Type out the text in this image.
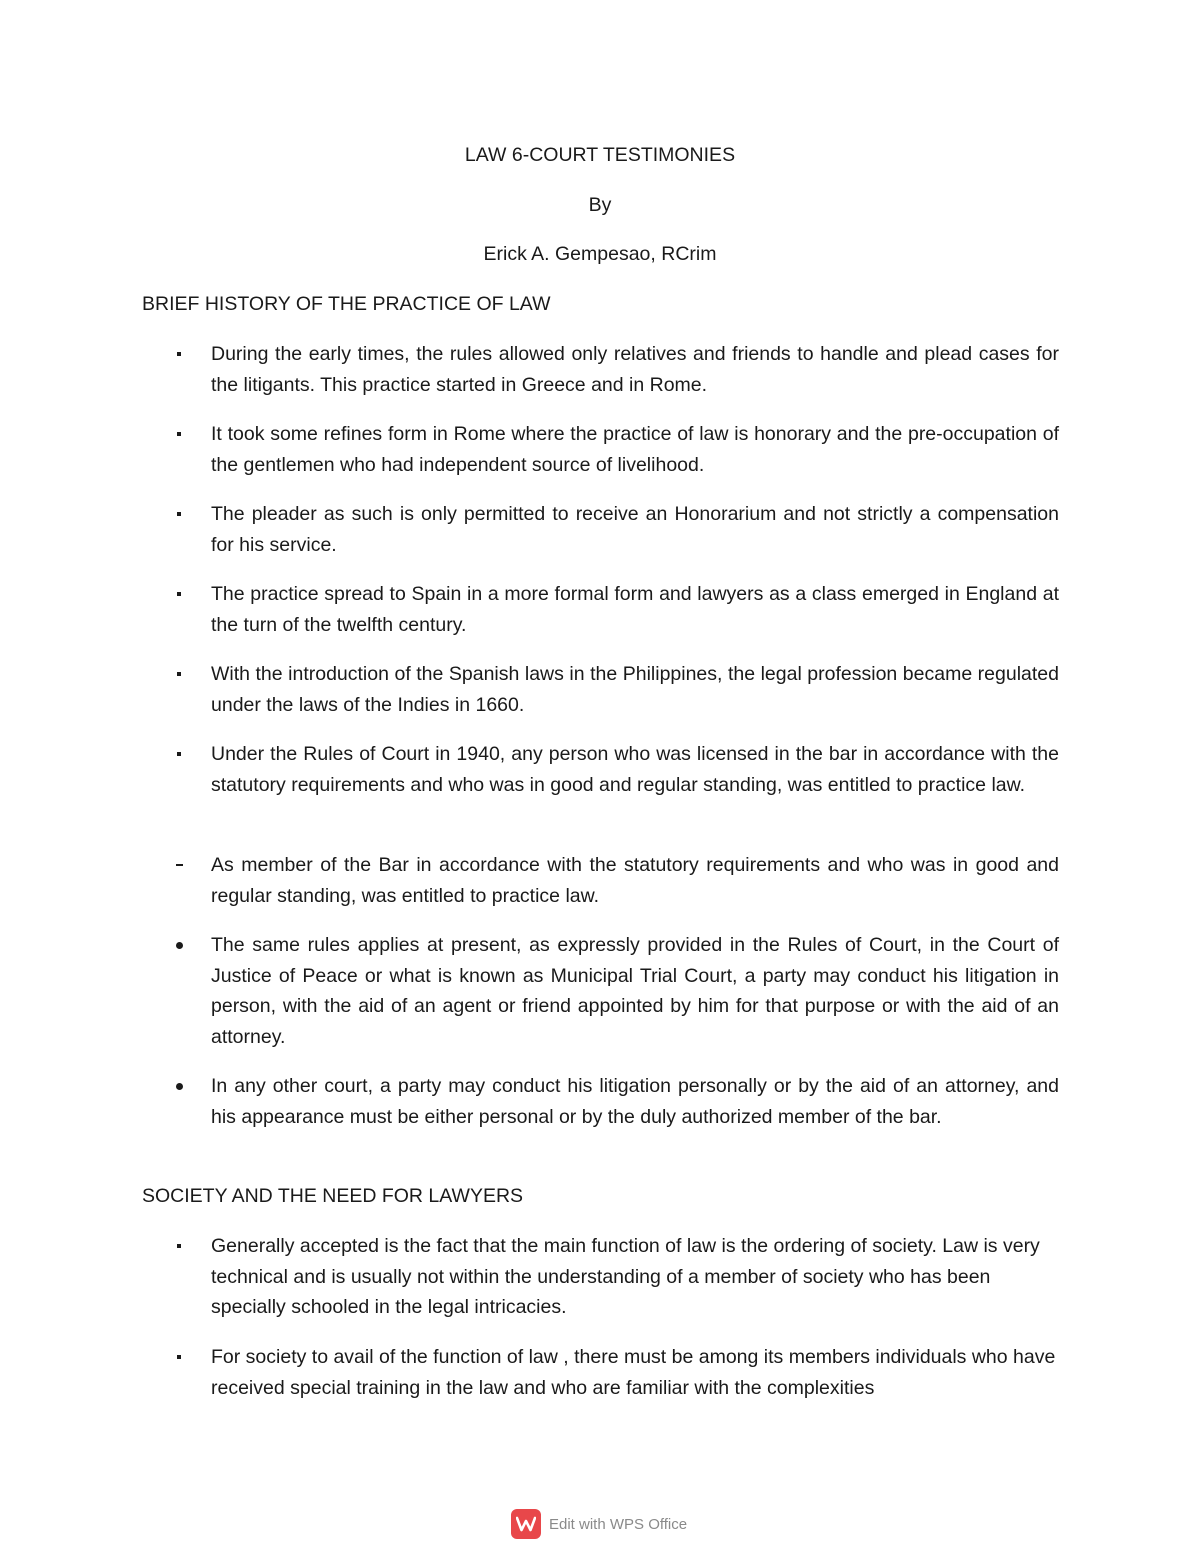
LAW 6-COURT TESTIMONIES

By

Erick A. Gempesao, RCrim

BRIEF HISTORY OF THE PRACTICE OF LAW

During the early times, the rules allowed only relatives and friends to handle and plead cases for the litigants. This practice started in Greece and in Rome.

It took some refines form in Rome where the practice of law is honorary and the pre-occupation of the gentlemen who had independent source of livelihood.

The pleader as such is only permitted to receive an Honorarium and not strictly a compensation for his service.

The practice spread to Spain in a more formal form and lawyers as a class emerged in England at the turn of the twelfth century.

With the introduction of the Spanish laws in the Philippines, the legal profession became regulated under the laws of the Indies in 1660.

Under the Rules of Court in 1940, any person who was licensed in the bar in accordance with the statutory requirements and who was in good and regular standing, was entitled to practice law.

As member of the Bar in accordance with the statutory requirements and who was in good and regular standing, was entitled to practice law.

The same rules applies at present, as expressly provided in the Rules of Court, in the Court of Justice of Peace or what is known as Municipal Trial Court, a party may conduct his litigation in person, with the aid of an agent or friend appointed by him for that purpose or with the aid of an attorney.

In any other court, a party may conduct his litigation personally or by the aid of an attorney, and his appearance must be either personal or by the duly authorized member of the bar.

SOCIETY AND THE NEED FOR LAWYERS

Generally accepted is the fact that the main function of law is the ordering of society. Law is very technical and is usually not within the understanding of a member of society who has been specially schooled in the legal intricacies.

For society to avail of the function of law , there must be among its members individuals who have received special training in the law and who are familiar with the complexities

Edit with WPS Office
